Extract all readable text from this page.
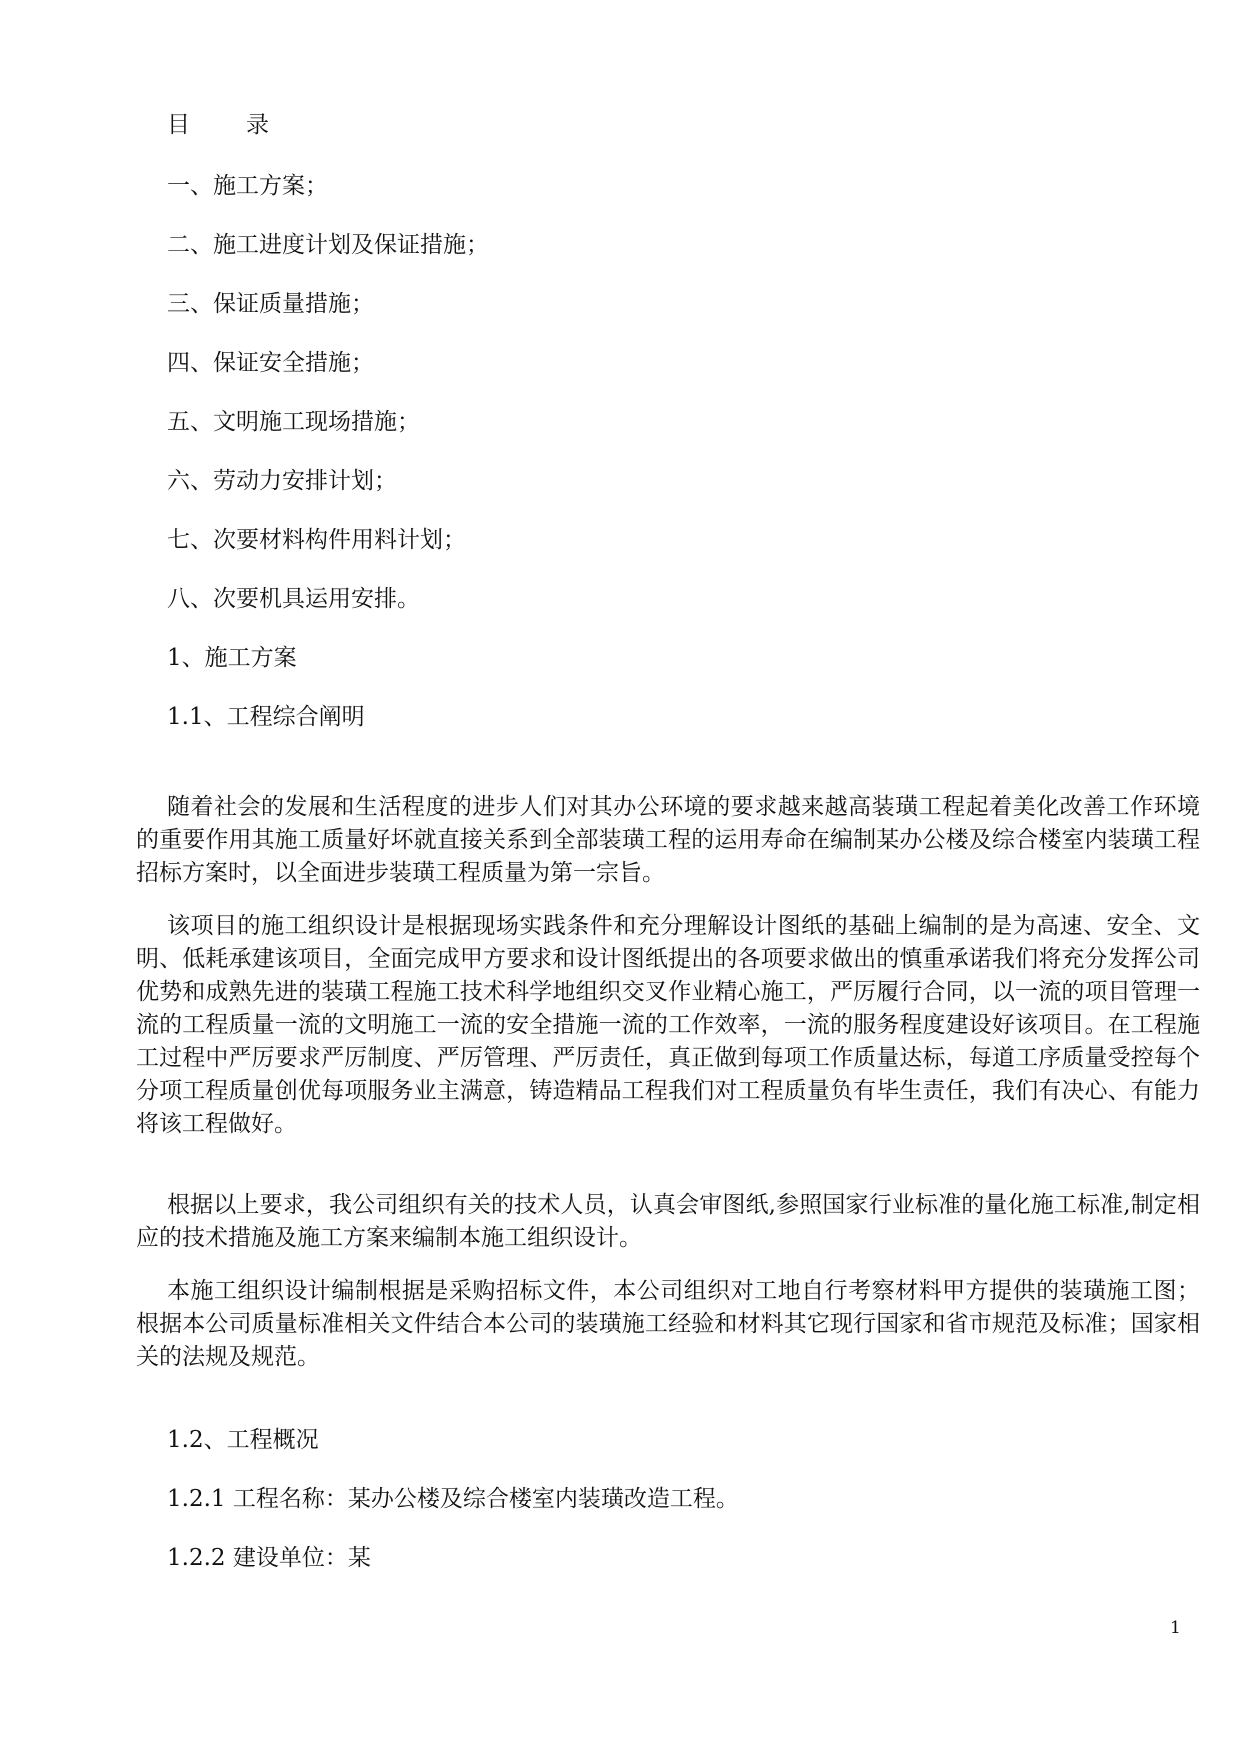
目 录
一、施工方案；
二、施工进度计划及保证措施；
三、保证质量措施；
四、保证安全措施；
五、文明施工现场措施；
六、劳动力安排计划；
七、次要材料构件用料计划；
八、次要机具运用安排。
1、施工方案
1.1、工程综合阐明

随着社会的发展和生活程度的进步人们对其办公环境的要求越来越高装璜工程起着美化改善工作环境的重要作用其施工质量好坏就直接关系到全部装璜工程的运用寿命在编制某办公楼及综合楼室内装璜工程招标方案时，以全面进步装璜工程质量为第一宗旨。

该项目的施工组织设计是根据现场实践条件和充分理解设计图纸的基础上编制的是为高速、安全、文明、低耗承建该项目，全面完成甲方要求和设计图纸提出的各项要求做出的慎重承诺我们将充分发挥公司优势和成熟先进的装璜工程施工技术科学地组织交叉作业精心施工，严厉履行合同，以一流的项目管理一流的工程质量一流的文明施工一流的安全措施一流的工作效率，一流的服务程度建设好该项目。在工程施工过程中严厉要求严厉制度、严厉管理、严厉责任，真正做到每项工作质量达标，每道工序质量受控每个分项工程质量创优每项服务业主满意，铸造精品工程我们对工程质量负有毕生责任，我们有决心、有能力将该工程做好。

根据以上要求，我公司组织有关的技术人员，认真会审图纸,参照国家行业标准的量化施工标准,制定相应的技术措施及施工方案来编制本施工组织设计。

本施工组织设计编制根据是采购招标文件，本公司组织对工地自行考察材料甲方提供的装璜施工图；根据本公司质量标准相关文件结合本公司的装璜施工经验和材料其它现行国家和省市规范及标准；国家相关的法规及规范。

1.2、工程概况
1.2.1 工程名称：某办公楼及综合楼室内装璜改造工程。
1.2.2 建设单位：某
1
